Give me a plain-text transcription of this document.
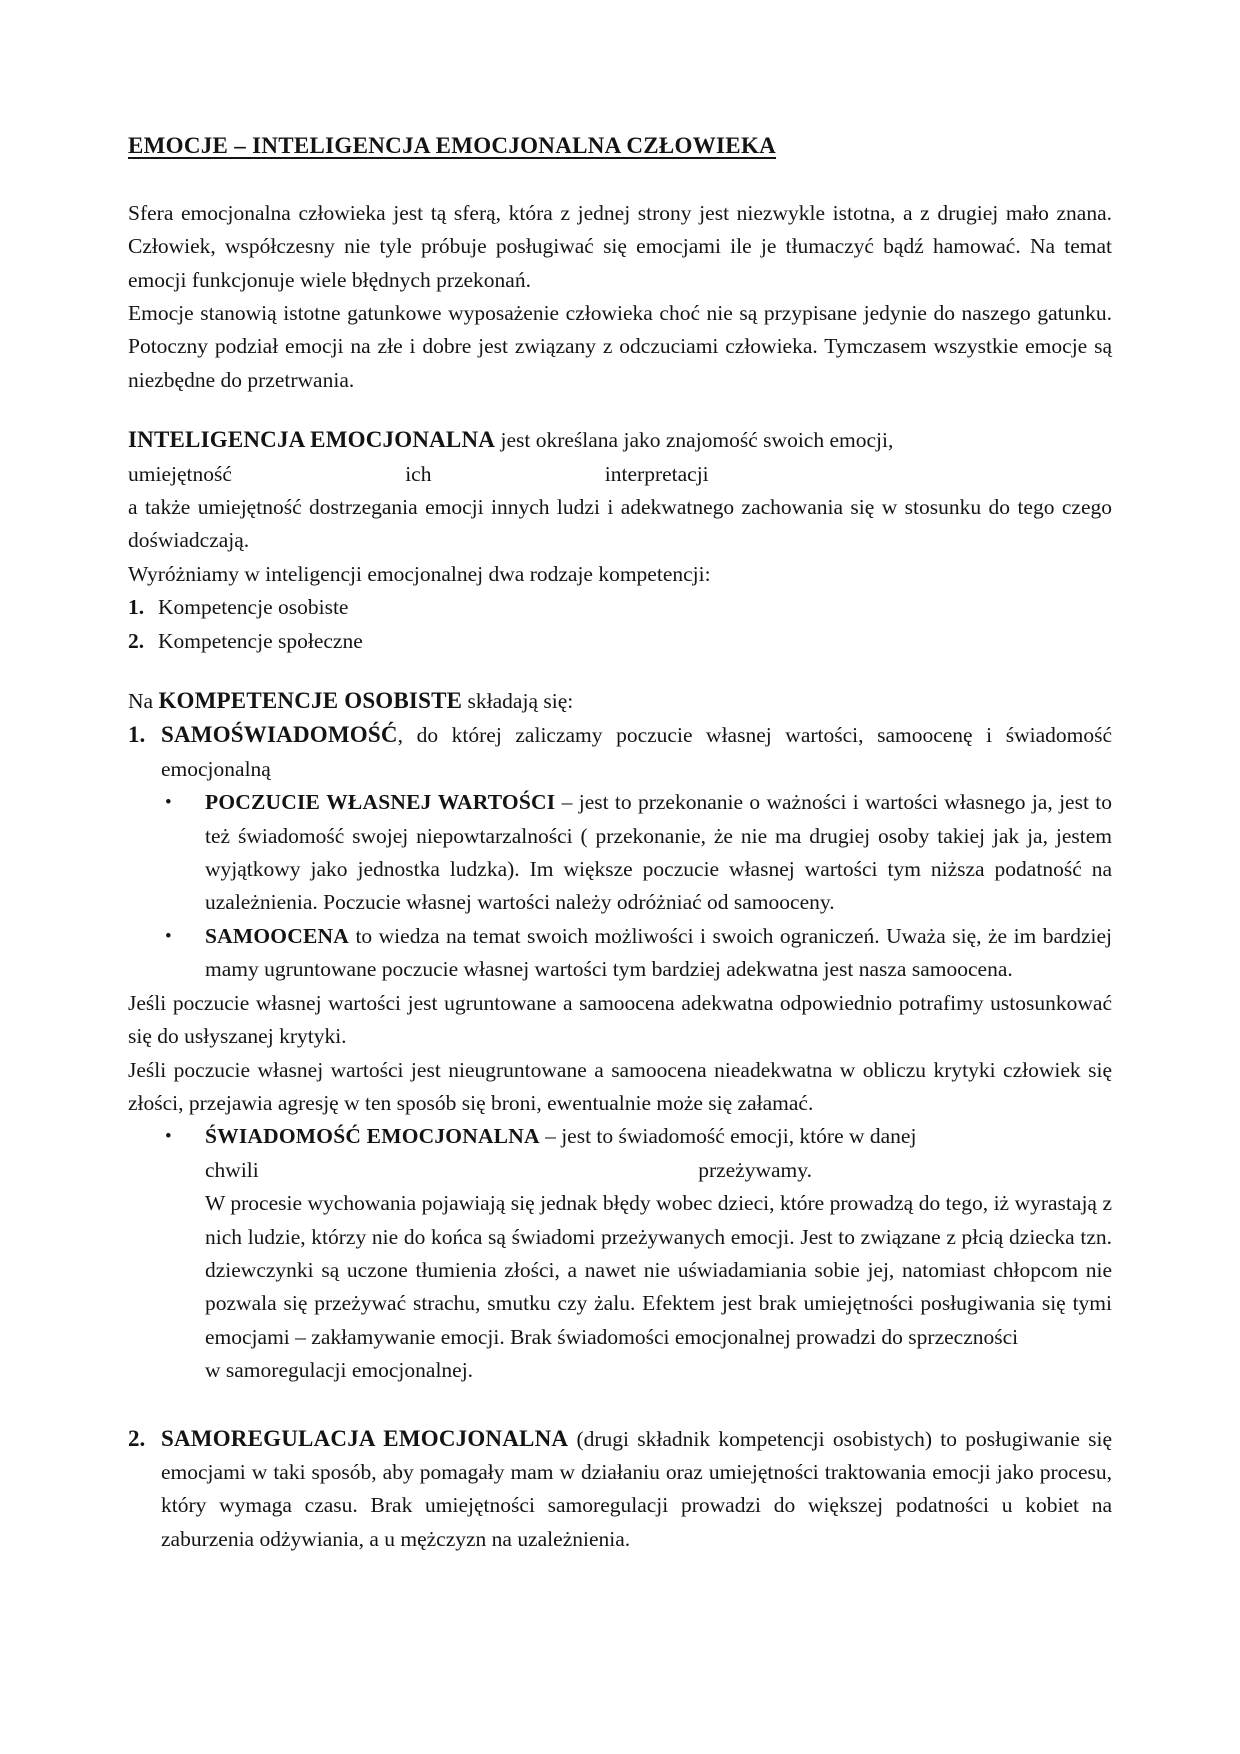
EMOCJE – INTELIGENCJA EMOCJONALNA CZŁOWIEKA

Sfera emocjonalna człowieka jest tą sferą, która z jednej strony jest niezwykle istotna, a z drugiej mało znana. Człowiek, współczesny nie tyle próbuje posługiwać się emocjami ile je tłumaczyć bądź hamować. Na temat emocji funkcjonuje wiele błędnych przekonań.

Emocje stanowią istotne gatunkowe wyposażenie człowieka choć nie są przypisane jedynie do naszego gatunku. Potoczny podział emocji na złe i dobre jest związany z odczuciami człowieka. Tymczasem wszystkie emocje są niezbędne do przetrwania.

INTELIGENCJA EMOCJONALNA jest określana jako znajomość swoich emocji,

umiejętność	ich	interpretacji

a także umiejętność dostrzegania emocji innych ludzi i adekwatnego zachowania się w stosunku do tego czego doświadczają.

Wyróżniamy w inteligencji emocjonalnej dwa rodzaje kompetencji:

1. Kompetencje osobiste
2. Kompetencje społeczne

Na KOMPETENCJE OSOBISTE składają się:

1. SAMOŚWIADOMOŚĆ, do której zaliczamy poczucie własnej wartości, samoocenę i świadomość emocjonalną
•	POCZUCIE WŁASNEJ WARTOŚCI – jest to przekonanie o ważności i wartości własnego ja, jest to też świadomość swojej niepowtarzalności ( przekonanie, że nie ma drugiej osoby takiej jak ja, jestem wyjątkowy jako jednostka ludzka). Im większe poczucie własnej wartości tym niższa podatność na uzależnienia. Poczucie własnej wartości należy odróżniać od samooceny.
•	SAMOOCENA to wiedza na temat swoich możliwości i swoich ograniczeń. Uważa się, że im bardziej mamy ugruntowane poczucie własnej wartości tym bardziej adekwatna jest nasza samoocena.

Jeśli poczucie własnej wartości jest ugruntowane a samoocena adekwatna odpowiednio potrafimy ustosunkować się do usłyszanej krytyki.

Jeśli poczucie własnej wartości jest nieugruntowane a samoocena nieadekwatna w obliczu krytyki człowiek się złości, przejawia agresję w ten sposób się broni, ewentualnie może się załamać.

•	ŚWIADOMOŚĆ EMOCJONALNA – jest to świadomość emocji, które w danej
chwili	przeżywamy.
W procesie wychowania pojawiają się jednak błędy wobec dzieci, które prowadzą do tego, iż wyrastają z nich ludzie, którzy nie do końca są świadomi przeżywanych emocji. Jest to związane z płcią dziecka tzn. dziewczynki są uczone tłumienia złości, a nawet nie uświadamiania sobie jej, natomiast chłopcom nie pozwala się przeżywać strachu, smutku czy żalu. Efektem jest brak umiejętności posługiwania się tymi emocjami – zakłamywanie emocji. Brak świadomości emocjonalnej prowadzi do sprzeczności
w samoregulacji emocjonalnej.
2. SAMOREGULACJA EMOCJONALNA (drugi składnik kompetencji osobistych) to posługiwanie się emocjami w taki sposób, aby pomagały mam w działaniu oraz umiejętności traktowania emocji jako procesu, który wymaga czasu. Brak umiejętności samoregulacji prowadzi do większej podatności u kobiet na zaburzenia odżywiania, a u mężczyzn na uzależnienia.
